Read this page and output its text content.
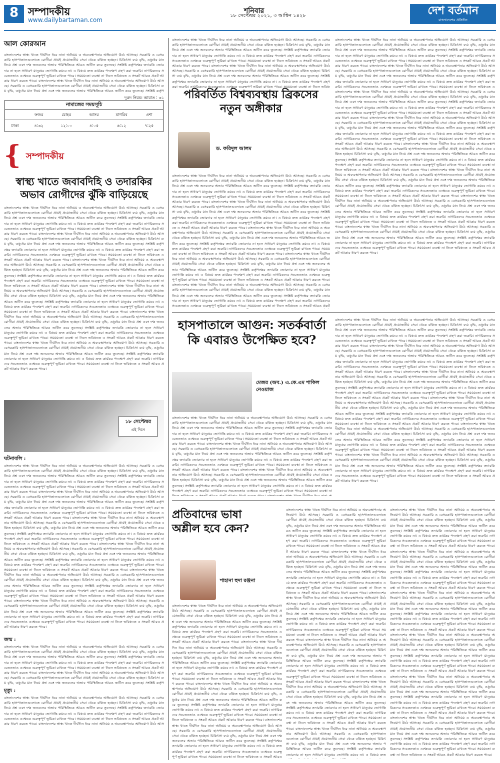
8 সম্পাদকীয়
www.dailybartaman.com
শনিবার
১৮ সেপ্টেম্বর ২০২১, ৩ আশ্বিন ১৪২৮	দেশ বর্তমান
বাংলাদেশের প্রতিদিন
আল কোরআন
বাংলাদেশের স্বাস্থ্য খাতে দীর্ঘদিন ধরে নানা অনিয়ম ও অব্যবস্থাপনার অভিযোগ উঠে আসছে। সরকারি ও বেসরকারি হাসপাতালগুলোতে রোগীরা প্রায়ই প্রয়োজনীয় সেবা থেকে বঞ্চিত হচ্ছেন। চিকিৎসা ব্যয় বৃদ্ধি, ওষুধের মান নিয়ে প্রশ্ন এবং দক্ষ জনবলের অভাব পরিস্থিতিকে আরও জটিল করে তুলেছে। সংশ্লিষ্ট কর্তৃপক্ষের তদারকি জোরদার না হলে সাধারণ মানুষের ভোগান্তি কমবে না। এ বিষয়ে দ্রুত কার্যকর পদক্ষেপ গ্রহণ করা জরুরি। নাগরিকদের সচেতনতাও এক্ষেত্রে গুরুত্বপূর্ণ ভূমিকা রাখতে পারে। সময়মতো ব্যবস্থা না নিলে ভবিষ্যতে এ সংকট আরও প্রকট আকার ধারণ করতে পারে। বাংলাদেশের স্বাস্থ্য খাতে দীর্ঘদিন ধরে নানা অনিয়ম ও অব্যবস্থাপনার অভিযোগ উঠে আসছে। সরকারি ও বেসরকারি হাসপাতালগুলোতে রোগীরা প্রায়ই প্রয়োজনীয় সেবা থেকে বঞ্চিত হচ্ছেন। চিকিৎসা ব্যয় বৃদ্ধি, ওষুধের মান নিয়ে প্রশ্ন এবং দক্ষ জনবলের অভাব পরিস্থিতিকে আরও জটিল করে তুলেছে। সংশ্লিষ্ট কর্তৃপ
দুরূদ নিয়ম। আয়াত : ৩১
নামাজের সময়সূচি
ফজর	যোহর	আসর	মাগরিব	এশা
ঢাকা	৪:৩২	১২:০০	৪:০৫	৬:১২	৭:২৫
{ সম্পাদকীয়
স্বাস্থ্য খাতে জবাবদিহি ও তদারকির অভাব রোগীদের ঝুঁকি বাড়িয়েছে
বাংলাদেশের স্বাস্থ্য খাতে দীর্ঘদিন ধরে নানা অনিয়ম ও অব্যবস্থাপনার অভিযোগ উঠে আসছে। সরকারি ও বেসরকারি হাসপাতালগুলোতে রোগীরা প্রায়ই প্রয়োজনীয় সেবা থেকে বঞ্চিত হচ্ছেন। চিকিৎসা ব্যয় বৃদ্ধি, ওষুধের মান নিয়ে প্রশ্ন এবং দক্ষ জনবলের অভাব পরিস্থিতিকে আরও জটিল করে তুলেছে। সংশ্লিষ্ট কর্তৃপক্ষের তদারকি জোরদার না হলে সাধারণ মানুষের ভোগান্তি কমবে না। এ বিষয়ে দ্রুত কার্যকর পদক্ষেপ গ্রহণ করা জরুরি। নাগরিকদের সচেতনতাও এক্ষেত্রে গুরুত্বপূর্ণ ভূমিকা রাখতে পারে। সময়মতো ব্যবস্থা না নিলে ভবিষ্যতে এ সংকট আরও প্রকট আকার ধারণ করতে পারে। বাংলাদেশের স্বাস্থ্য খাতে দীর্ঘদিন ধরে নানা অনিয়ম ও অব্যবস্থাপনার অভিযোগ উঠে আসছে। সরকারি ও বেসরকারি হাসপাতালগুলোতে রোগীরা প্রায়ই প্রয়োজনীয় সেবা থেকে বঞ্চিত হচ্ছেন। চিকিৎসা ব্যয় বৃদ্ধি, ওষুধের মান নিয়ে প্রশ্ন এবং দক্ষ জনবলের অভাব পরিস্থিতিকে আরও জটিল করে তুলেছে। সংশ্লিষ্ট কর্তৃপক্ষের তদারকি জোরদার না হলে সাধারণ মানুষের ভোগান্তি কমবে না। এ বিষয়ে দ্রুত কার্যকর পদক্ষেপ গ্রহণ করা জরুরি। নাগরিকদের সচেতনতাও এক্ষেত্রে গুরুত্বপূর্ণ ভূমিকা রাখতে পারে। সময়মতো ব্যবস্থা না নিলে ভবিষ্যতে এ সংকট আরও প্রকট আকার ধারণ করতে পারে। বাংলাদেশের স্বাস্থ্য খাতে দীর্ঘদিন ধরে নানা অনিয়ম ও অব্যবস্থাপনার অভিযোগ উঠে আসছে। সরকারি ও বেসরকারি হাসপাতালগুলোতে রোগীরা প্রায়ই প্রয়োজনীয় সেবা থেকে বঞ্চিত হচ্ছেন। চিকিৎসা ব্যয় বৃদ্ধি, ওষুধের মান নিয়ে প্রশ্ন এবং দক্ষ জনবলের অভাব পরিস্থিতিকে আরও জটিল করে তুলেছে। সংশ্লিষ্ট কর্তৃপক্ষের তদারকি জোরদার না হলে সাধারণ মানুষের ভোগান্তি কমবে না। এ বিষয়ে দ্রুত কার্যকর পদক্ষেপ গ্রহণ করা জরুরি। নাগরিকদের সচেতনতাও এক্ষেত্রে গুরুত্বপূর্ণ ভূমিকা রাখতে পারে। সময়মতো ব্যবস্থা না নিলে ভবিষ্যতে এ সংকট আরও প্রকট আকার ধারণ করতে পারে। বাংলাদেশের স্বাস্থ্য খাতে দীর্ঘদিন ধরে নানা অনিয়ম ও অব্যবস্থাপনার অভিযোগ উঠে আসছে। সরকারি ও বেসরকারি হাসপাতালগুলোতে রোগীরা প্রায়ই প্রয়োজনীয় সেবা থেকে বঞ্চিত হচ্ছেন। চিকিৎসা ব্যয় বৃদ্ধি, ওষুধের মান নিয়ে প্রশ্ন এবং দক্ষ জনবলের অভাব পরিস্থিতিকে আরও জটিল করে তুলেছে। সংশ্লিষ্ট কর্তৃপক্ষের তদারকি জোরদার না হলে সাধারণ মানুষের ভোগান্তি কমবে না। এ বিষয়ে দ্রুত কার্যকর পদক্ষেপ গ্রহণ করা জরুরি। নাগরিকদের সচেতনতাও এক্ষেত্রে গুরুত্বপূর্ণ ভূমিকা রাখতে পারে। সময়মতো ব্যবস্থা না নিলে ভবিষ্যতে এ সংকট আরও প্রকট আকার ধারণ করতে পারে। বাংলাদেশের স্বাস্থ্য খাতে দীর্ঘদিন ধরে নানা অনিয়ম ও অব্যবস্থাপনার অভিযোগ উঠে আসছে। সরকারি ও বেসরকারি হাসপাতালগুলোতে রোগীরা প্রায়ই প্রয়োজনীয় সেবা থেকে বঞ্চিত হচ্ছেন। চিকিৎসা ব্যয় বৃদ্ধি, ওষুধের মান নিয়ে প্রশ্ন এবং দক্ষ জনবলের অভাব পরিস্থিতিকে আরও জটিল করে তুলেছে। সংশ্লিষ্ট কর্তৃপক্ষের তদারকি জোরদার না হলে সাধারণ মানুষের ভোগান্তি কমবে না। এ বিষয়ে দ্রুত কার্যকর পদক্ষেপ গ্রহণ করা জরুরি। নাগরিকদের সচেতনতাও এক্ষেত্রে গুরুত্বপূর্ণ ভূমিকা রাখতে পারে। সময়মতো ব্যবস্থা না নিলে ভবিষ্যতে এ সংকট আরও প্রকট আকার ধারণ করতে পারে। বাংলাদেশের স্বাস্থ্য খাতে দীর্ঘদিন ধরে নানা অনিয়ম ও অব্যবস্থাপনার অভিযোগ উঠে আসছে। সরকারি ও বেসরকারি হাসপাতালগুলোতে রোগীরা প্রায়ই প্রয়োজনীয় সেবা থেকে বঞ্চিত হচ্ছেন। চিকিৎসা ব্যয় বৃদ্ধি, ওষুধের মান নিয়ে প্রশ্ন এবং দক্ষ জনবলের অভাব পরিস্থিতিকে আরও জটিল করে তুলেছে। সংশ্লিষ্ট কর্তৃপক্ষের তদারকি জোরদার না হলে সাধারণ মানুষের ভোগান্তি কমবে না। এ বিষয়ে দ্রুত কার্যকর পদক্ষেপ গ্রহণ করা জরুরি। নাগরিকদের সচেতনতাও এক্ষেত্রে গুরুত্বপূর্ণ ভূমিকা রাখতে পারে। সময়মতো ব্যবস্থা না নিলে ভবিষ্যতে এ সংকট আরও প্রকট আকার ধারণ করতে পারে।
১৮ সেপ্টেম্বর
এই দিনে
ঘটনাবলি :
বাংলাদেশের স্বাস্থ্য খাতে দীর্ঘদিন ধরে নানা অনিয়ম ও অব্যবস্থাপনার অভিযোগ উঠে আসছে। সরকারি ও বেসরকারি হাসপাতালগুলোতে রোগীরা প্রায়ই প্রয়োজনীয় সেবা থেকে বঞ্চিত হচ্ছেন। চিকিৎসা ব্যয় বৃদ্ধি, ওষুধের মান নিয়ে প্রশ্ন এবং দক্ষ জনবলের অভাব পরিস্থিতিকে আরও জটিল করে তুলেছে। সংশ্লিষ্ট কর্তৃপক্ষের তদারকি জোরদার না হলে সাধারণ মানুষের ভোগান্তি কমবে না। এ বিষয়ে দ্রুত কার্যকর পদক্ষেপ গ্রহণ করা জরুরি। নাগরিকদের সচেতনতাও এক্ষেত্রে গুরুত্বপূর্ণ ভূমিকা রাখতে পারে। সময়মতো ব্যবস্থা না নিলে ভবিষ্যতে এ সংকট আরও প্রকট আকার ধারণ করতে পারে। বাংলাদেশের স্বাস্থ্য খাতে দীর্ঘদিন ধরে নানা অনিয়ম ও অব্যবস্থাপনার অভিযোগ উঠে আসছে। সরকারি ও বেসরকারি হাসপাতালগুলোতে রোগীরা প্রায়ই প্রয়োজনীয় সেবা থেকে বঞ্চিত হচ্ছেন। চিকিৎসা ব্যয় বৃদ্ধি, ওষুধের মান নিয়ে প্রশ্ন এবং দক্ষ জনবলের অভাব পরিস্থিতিকে আরও জটিল করে তুলেছে। সংশ্লিষ্ট কর্তৃপক্ষের তদারকি জোরদার না হলে সাধারণ মানুষের ভোগান্তি কমবে না। এ বিষয়ে দ্রুত কার্যকর পদক্ষেপ গ্রহণ করা জরুরি। নাগরিকদের সচেতনতাও এক্ষেত্রে গুরুত্বপূর্ণ ভূমিকা রাখতে পারে। সময়মতো ব্যবস্থা না নিলে ভবিষ্যতে এ সংকট আরও প্রকট আকার ধারণ করতে পারে। বাংলাদেশের স্বাস্থ্য খাতে দীর্ঘদিন ধরে নানা অনিয়ম ও অব্যবস্থাপনার অভিযোগ উঠে আসছে। সরকারি ও বেসরকারি হাসপাতালগুলোতে রোগীরা প্রায়ই প্রয়োজনীয় সেবা থেকে বঞ্চিত হচ্ছেন। চিকিৎসা ব্যয় বৃদ্ধি, ওষুধের মান নিয়ে প্রশ্ন এবং দক্ষ জনবলের অভাব পরিস্থিতিকে আরও জটিল করে তুলেছে। সংশ্লিষ্ট কর্তৃপক্ষের তদারকি জোরদার না হলে সাধারণ মানুষের ভোগান্তি কমবে না। এ বিষয়ে দ্রুত কার্যকর পদক্ষেপ গ্রহণ করা জরুরি। নাগরিকদের সচেতনতাও এক্ষেত্রে গুরুত্বপূর্ণ ভূমিকা রাখতে পারে। সময়মতো ব্যবস্থা না নিলে ভবিষ্যতে এ সংকট আরও প্রকট আকার ধারণ করতে পারে। বাংলাদেশের স্বাস্থ্য খাতে দীর্ঘদিন ধরে নানা অনিয়ম ও অব্যবস্থাপনার অভিযোগ উঠে আসছে। সরকারি ও বেসরকারি হাসপাতালগুলোতে রোগীরা প্রায়ই প্রয়োজনীয় সেবা থেকে বঞ্চিত হচ্ছেন। চিকিৎসা ব্যয় বৃদ্ধি, ওষুধের মান নিয়ে প্রশ্ন এবং দক্ষ জনবলের অভাব পরিস্থিতিকে আরও জটিল করে তুলেছে। সংশ্লিষ্ট কর্তৃপক্ষের তদারকি জোরদার না হলে সাধারণ মানুষের ভোগান্তি কমবে না। এ বিষয়ে দ্রুত কার্যকর পদক্ষেপ গ্রহণ করা জরুরি। নাগরিকদের সচেতনতাও এক্ষেত্রে গুরুত্বপূর্ণ ভূমিকা রাখতে পারে। সময়মতো ব্যবস্থা না নিলে ভবিষ্যতে এ সংকট আরও প্রকট আকার ধারণ করতে পারে। বাংলাদেশের স্বাস্থ্য খাতে দীর্ঘদিন ধরে নানা অনিয়ম ও অব্যবস্থাপনার অভিযোগ উঠে আসছে। সরকারি ও বেসরকারি হাসপাতালগুলোতে রোগীরা প্রায়ই প্রয়োজনীয় সেবা থেকে বঞ্চিত হচ্ছেন। চিকিৎসা ব্যয় বৃদ্ধি, ওষুধের মান নিয়ে প্রশ্ন এবং দক্ষ জনবলের অভাব পরিস্থিতিকে আরও জটিল করে তুলেছে। সংশ্লিষ্ট কর্তৃপক্ষের তদারকি জোরদার না হলে সাধারণ মানুষের ভোগান্তি কমবে না। এ বিষয়ে দ্রুত কার্যকর পদক্ষেপ গ্রহণ করা জরুরি। নাগরিকদের সচেতনতাও এক্ষেত্রে গুরুত্বপূর্ণ ভূমিকা রাখতে পারে। সময়মতো ব্যবস্থা না নিলে ভবিষ্যতে এ সংকট আরও প্রকট আকার ধারণ করতে পারে। বাংলাদেশের স্বাস্থ্য খাতে দীর্ঘদিন ধরে নানা অনিয়ম ও অব্যবস্থাপনার অভিযোগ উঠে আসছে। সরকারি ও বেসরকারি হাসপাতালগুলোতে রোগীরা প্রায়ই প্রয়োজনীয় সেবা থেকে বঞ্চিত হচ্ছেন। চিকিৎসা ব্যয় বৃদ্ধি, ওষুধের মান নিয়ে প্রশ্ন এবং দক্ষ জনবলের অভাব পরিস্থিতিকে আরও জটিল করে তুলেছে। সংশ্লিষ্ট কর্তৃপক্ষের তদারকি জোরদার না হলে সাধারণ মানুষের ভোগান্তি কমবে না। এ বিষয়ে দ্রুত কার্যকর পদক্ষেপ গ্রহণ করা জরুরি। নাগরিকদের সচেতনতাও এক্ষেত্রে গুরুত্বপূর্ণ ভূমিকা রাখতে পারে। সময়মতো ব্যবস্থা না নিলে ভবিষ্যতে এ সংকট আরও প্রকট আকার ধারণ করতে পারে।
জন্ম :
বাংলাদেশের স্বাস্থ্য খাতে দীর্ঘদিন ধরে নানা অনিয়ম ও অব্যবস্থাপনার অভিযোগ উঠে আসছে। সরকারি ও বেসরকারি হাসপাতালগুলোতে রোগীরা প্রায়ই প্রয়োজনীয় সেবা থেকে বঞ্চিত হচ্ছেন। চিকিৎসা ব্যয় বৃদ্ধি, ওষুধের মান নিয়ে প্রশ্ন এবং দক্ষ জনবলের অভাব পরিস্থিতিকে আরও জটিল করে তুলেছে। সংশ্লিষ্ট কর্তৃপক্ষের তদারকি জোরদার না হলে সাধারণ মানুষের ভোগান্তি কমবে না। এ বিষয়ে দ্রুত কার্যকর পদক্ষেপ গ্রহণ করা জরুরি। নাগরিকদের সচেতনতাও এক্ষেত্রে গুরুত্বপূর্ণ ভূমিকা রাখতে পারে। সময়মতো ব্যবস্থা না নিলে ভবিষ্যতে এ সংকট আরও প্রকট আকার ধারণ করতে পারে। বাংলাদেশের স্বাস্থ্য খাতে দীর্ঘদিন ধরে নানা অনিয়ম ও অব্যবস্থাপনার অভিযোগ উঠে আসছে। সরকারি ও বেসরকারি হাসপাতালগুলোতে রোগীরা প্রায়ই প্রয়োজনীয় সেবা থেকে বঞ্চিত হচ্ছেন। চিকিৎসা ব্যয় বৃদ্ধি, ওষুধের মান নিয়ে প্রশ্ন এবং দক্ষ জনবলের অভাব পরিস্থিতিকে আরও জটিল করে তুলেছে। সংশ্লিষ্ট কর্তৃপ
মৃত্যু :
বাংলাদেশের স্বাস্থ্য খাতে দীর্ঘদিন ধরে নানা অনিয়ম ও অব্যবস্থাপনার অভিযোগ উঠে আসছে। সরকারি ও বেসরকারি হাসপাতালগুলোতে রোগীরা প্রায়ই প্রয়োজনীয় সেবা থেকে বঞ্চিত হচ্ছেন। চিকিৎসা ব্যয় বৃদ্ধি, ওষুধের মান নিয়ে প্রশ্ন এবং দক্ষ জনবলের অভাব পরিস্থিতিকে আরও জটিল করে তুলেছে। সংশ্লিষ্ট কর্তৃপক্ষের তদারকি জোরদার না হলে সাধারণ মানুষের ভোগান্তি কমবে না। এ বিষয়ে দ্রুত কার্যকর পদক্ষেপ গ্রহণ করা জরুরি। নাগরিকদের সচেতনতাও এক্ষেত্রে গুরুত্বপূর্ণ ভূমিকা রাখতে পারে। সময়মতো ব্যবস্থা না নিলে ভবিষ্যতে এ সংকট আরও প্রকট আকার ধারণ করতে পারে। বাংলাদেশের স্বাস্থ্য খাতে দীর্ঘদিন ধরে নানা অনিয়ম ও অব্যবস্থাপনার অভিযোগ উঠে আস
বাংলাদেশের স্বাস্থ্য খাতে দীর্ঘদিন ধরে নানা অনিয়ম ও অব্যবস্থাপনার অভিযোগ উঠে আসছে। সরকারি ও বেসরকারি হাসপাতালগুলোতে রোগীরা প্রায়ই প্রয়োজনীয় সেবা থেকে বঞ্চিত হচ্ছেন। চিকিৎসা ব্যয় বৃদ্ধি, ওষুধের মান নিয়ে প্রশ্ন এবং দক্ষ জনবলের অভাব পরিস্থিতিকে আরও জটিল করে তুলেছে। সংশ্লিষ্ট কর্তৃপক্ষের তদারকি জোরদার না হলে সাধারণ মানুষের ভোগান্তি কমবে না। এ বিষয়ে দ্রুত কার্যকর পদক্ষেপ গ্রহণ করা জরুরি। নাগরিকদের সচেতনতাও এক্ষেত্রে গুরুত্বপূর্ণ ভূমিকা রাখতে পারে। সময়মতো ব্যবস্থা না নিলে ভবিষ্যতে এ সংকট আরও প্রকট আকার ধারণ করতে পারে। বাংলাদেশের স্বাস্থ্য খাতে দীর্ঘদিন ধরে নানা অনিয়ম ও অব্যবস্থাপনার অভিযোগ উঠে আসছে। সরকারি ও বেসরকারি হাসপাতালগুলোতে রোগীরা প্রায়ই প্রয়োজনীয় সেবা থেকে বঞ্চিত হচ্ছেন। চিকিৎসা ব্যয় বৃদ্ধি, ওষুধের মান নিয়ে প্রশ্ন এবং দক্ষ জনবলের অভাব পরিস্থিতিকে আরও জটিল করে তুলেছে। সংশ্লিষ্ট কর্তৃপক্ষের তদারকি জোরদার না হলে সাধারণ মানুষের ভোগান্তি কমবে না। এ বিষয়ে দ্রুত কার্যকর পদক্ষেপ গ্রহণ করা জরুরি। নাগরিকদের সচেতনতাও এক্ষেত্রে গুরুত্বপূর্ণ ভূমিকা রাখতে পারে। সময়মতো ব্যবস্থা না নিলে ভবিষ্য
বাংলাদেশের স্বাস্থ্য খাতে দীর্ঘদিন ধরে নানা অনিয়ম ও অব্যবস্থাপনার অভিযোগ উঠে আসছে। সরকারি ও বেসরকারি হাসপাতালগুলোতে রোগীরা প্রায়ই প্রয়োজনীয় সেবা থেকে বঞ্চিত হচ্ছেন। চিকিৎসা ব্যয় বৃদ্ধি, ওষুধের মান নিয়ে প্রশ্ন এবং দক্ষ জনবলের অভাব পরিস্থিতিকে আরও জটিল করে তুলেছে। সংশ্লিষ্ট কর্তৃপক্ষের তদারকি জোরদার না হলে সাধারণ মানুষের ভোগান্তি কমবে না। এ বিষয়ে দ্রুত কার্যকর পদক্ষেপ গ্রহণ করা জরুরি। নাগরিকদের সচেতনতাও এক্ষেত্রে গুরুত্বপূর্ণ ভূমিকা রাখতে পারে। সময়মতো ব্যবস্থা না নিলে ভবিষ্যতে এ সংকট আরও প্রকট আকার ধারণ করতে পারে। বাংলাদেশের স্বাস্থ্য খাতে দীর্ঘদিন ধরে নানা অনিয়ম ও অব্যবস্থাপনার অভিযোগ উঠে আসছে। সরকারি ও বেসরকারি হাসপাতালগুলোতে রোগীরা প্রায়ই প্রয়োজনীয় সেবা থেকে বঞ্চিত হচ্ছেন। চিকিৎসা ব্যয় বৃদ্ধি, ওষুধের মান নিয়ে প্রশ্ন এবং দক্ষ জনবলের অভাব পরিস্থিতিকে আরও জটিল করে তুলেছে। সংশ্লিষ্ট কর্তৃপক্ষের তদারকি জোরদার না হলে সাধারণ মানুষের ভোগান্তি কমবে না। এ বিষয়ে দ্রুত কার্যকর পদক্ষেপ গ্রহণ করা জরুরি। নাগরিকদের সচেতনতাও এক্ষেত্রে গুরুত্বপূর্ণ ভূমিকা রাখতে পারে। সময়মতো ব্যবস্থা না নিলে ভবিষ্যতে এ
পরিবর্তিত বিশ্বব্যবস্থায় ব্রিকসের নতুন অঙ্গীকার
ড. ফরিদুল আলম
বাংলাদেশের স্বাস্থ্য খাতে দীর্ঘদিন ধরে নানা অনিয়ম ও অব্যবস্থাপনার অভিযোগ উঠে আসছে। সরকারি ও বেসরকারি হাসপাতালগুলোতে রোগীরা প্রায়ই প্রয়োজনীয় সেবা থেকে বঞ্চিত হচ্ছেন। চিকিৎসা ব্যয় বৃদ্ধি, ওষুধের মান নিয়ে প্রশ্ন এবং দক্ষ জনবলের অভাব পরিস্থিতিকে আরও জটিল করে তুলেছে। সংশ্লিষ্ট কর্তৃপক্ষের তদারকি জোরদার না হলে সাধারণ মানুষের ভোগান্তি কমবে না। এ বিষয়ে দ্রুত কার্যকর পদক্ষেপ গ্রহণ করা জরুরি। নাগরিকদের সচেতনতাও এক্ষেত্রে গুরুত্বপূর্ণ ভূমিকা রাখতে পারে। সময়মতো ব্যবস্থা না নিলে ভবিষ্যতে এ সংকট আরও প্রকট আকার ধারণ করতে পারে। বাংলাদেশের স্বাস্থ্য খাতে দীর্ঘদিন ধরে নানা অনিয়ম ও অব্যবস্থাপনার অভিযোগ উঠে আসছে। সরকারি ও বেসরকারি হাসপাতালগুলোতে রোগীরা প্রায়ই প্রয়োজনীয় সেবা থেকে বঞ্চিত হচ্ছেন। চিকিৎসা ব্যয় বৃদ্ধি, ওষুধের মান নিয়ে প্রশ্ন এবং দক্ষ জনবলের অভাব পরিস্থিতিকে আরও জটিল করে তুলেছে। সংশ্লিষ্ট কর্তৃপক্ষের তদারকি জোরদার না হলে সাধারণ মানুষের ভোগান্তি কমবে না। এ বিষয়ে দ্রুত কার্যকর পদক্ষেপ গ্রহণ করা জরুরি। নাগরিকদের সচেতনতাও এক্ষেত্রে গুরুত্বপূর্ণ ভূমিকা রাখতে পারে। সময়মতো ব্যবস্থা না নিলে ভবিষ্যতে এ সংকট আরও প্রকট আকার ধারণ করতে পারে। বাংলাদেশের স্বাস্থ্য খাতে দীর্ঘদিন ধরে নানা অনিয়ম ও অব্যবস্থাপনার অভিযোগ উঠে আসছে। সরকারি ও বেসরকারি হাসপাতালগুলোতে রোগীরা প্রায়ই প্রয়োজনীয় সেবা থেকে বঞ্চিত হচ্ছেন। চিকিৎসা ব্যয় বৃদ্ধি, ওষুধের মান নিয়ে প্রশ্ন এবং দক্ষ জনবলের অভাব পরিস্থিতিকে আরও জটিল করে তুলেছে। সংশ্লিষ্ট কর্তৃপক্ষের তদারকি জোরদার না হলে সাধারণ মানুষের ভোগান্তি কমবে না। এ বিষয়ে দ্রুত কার্যকর পদক্ষেপ গ্রহণ করা জরুরি। নাগরিকদের সচেতনতাও এক্ষেত্রে গুরুত্বপূর্ণ ভূমিকা রাখতে পারে। সময়মতো ব্যবস্থা না নিলে ভবিষ্যতে এ সংকট আরও প্রকট আকার ধারণ করতে পারে। বাংলাদেশের স্বাস্থ্য খাতে দীর্ঘদিন ধরে নানা অনিয়ম ও অব্যবস্থাপনার অভিযোগ উঠে আসছে। সরকারি ও বেসরকারি হাসপাতালগুলোতে রোগীরা প্রায়ই প্রয়োজনীয় সেবা থেকে বঞ্চিত হচ্ছেন। চিকিৎসা ব্যয় বৃদ্ধি, ওষুধের মান নিয়ে প্রশ্ন এবং দক্ষ জনবলের অভাব পরিস্থিতিকে আরও জটিল করে তুলেছে। সংশ্লিষ্ট কর্তৃপক্ষের তদারকি জোরদার না হলে সাধারণ মানুষের ভোগান্তি কমবে না। এ বিষয়ে দ্রুত কার্যকর পদক্ষেপ গ্রহণ করা জরুরি। নাগরিকদের সচেতনতাও এক্ষেত্রে গুরুত্বপূর্ণ ভূমিকা রাখতে পারে। সময়মতো ব্যবস্থা না নিলে ভবিষ্যতে এ সংকট আরও প্রকট আকার ধারণ করতে পারে। বাংলাদেশের স্বাস্থ্য খাতে দীর্ঘদিন ধরে নানা অনিয়ম ও অব্যবস্থাপনার অভিযোগ উঠে আসছে। সরকারি ও বেসরকারি হাসপাতালগুলোতে রোগীরা প্রায়ই প্রয়োজনীয় সেবা থেকে বঞ্চিত হচ্ছেন। চিকিৎসা ব্যয় বৃদ্ধি, ওষুধের মান নিয়ে প্রশ্ন এবং দক্ষ জনবলের অভাব পরিস্থিতিকে আরও জটিল করে তুলেছে। সংশ্লিষ্ট কর্তৃপক্ষের তদারকি জোরদার না হলে সাধারণ মানুষের ভোগান্তি কমবে না। এ বিষয়ে দ্রুত কার্যকর পদক্ষেপ গ্রহণ করা জরুরি। নাগরিকদের সচেতনতাও এক্ষেত্রে গুরুত্বপূর্ণ ভূমিকা রাখতে পারে। সময়মতো ব্যবস্থা না নিলে ভবিষ্যতে এ সংকট আরও প্রকট
বাংলাদেশের স্বাস্থ্য খাতে দীর্ঘদিন ধরে নানা অনিয়ম ও অব্যবস্থাপনার অভিযোগ উঠে আসছে। সরকারি ও বেসরকারি হাসপাতালগুলোতে রোগীরা প্রায়ই প্রয়োজনীয় সেবা থেকে বঞ্চিত হচ্ছেন। চিকিৎসা ব্যয় বৃদ্ধি, ওষুধের মান নিয়ে প্রশ্ন এবং দক্ষ জনবলের অভাব পরিস্থিতিকে আরও জটিল করে তুলেছে। সংশ্লিষ্ট কর্তৃপক্ষের তদারকি জোরদার না হলে সাধারণ মানুষের ভোগান্তি কমবে না। এ বিষয়ে দ্রুত কার্যকর পদক্ষেপ গ্রহণ করা জরুরি। নাগরিকদের সচেতনতাও এক্ষেত্রে গুরুত্বপূর্ণ ভূমিকা রাখতে পারে। সময়মতো ব্যবস্থা না নিলে ভবিষ্যতে এ সংকট আরও প্রকট আকার ধারণ করতে পারে। বাংলাদেশের স্বাস্থ্য খাতে দীর্ঘদিন ধরে নানা অনিয়ম ও অব্যবস্থাপনার অভিযোগ উঠে আসছে। সরকারি ও বেসরকারি হাসপাতালগুলোতে রোগীরা প্রায়ই প্রয়োজনীয় সেবা থেকে বঞ্চিত হচ্ছেন। চিকিৎসা ব্যয় বৃদ্ধি, ওষুধের মান নিয়ে প্রশ্ন এবং দক্ষ জনবলের অভাব পরিস্থিতিকে আরও জটিল করে তুলেছে। সংশ্লিষ্ট কর্তৃপক্ষের তদারকি জোরদার না হলে সাধারণ মানুষের ভোগান্তি কমবে না। এ বিষয়ে দ্রুত কার্যকর পদক্ষেপ গ্রহণ করা জরুরি। নাগরিকদের সচেতনতাও এক্ষেত্রে গুরুত্বপূর্ণ ভূমিকা রাখতে পারে। সময়মতো ব্যবস্থা না নিলে ভবিষ্যতে এ সংকট আরও প্রকট আকার ধারণ করতে পারে। বাংলাদেশের স্বাস্থ্য খাতে দীর্ঘদিন ধরে নানা অনিয়ম ও অব্যবস্থাপনার অভিযোগ উঠে আসছে। সরকারি ও বেসরকারি হাসপাতালগুলোতে রোগীরা প্রায়ই প্রয়োজনীয় সেবা থেকে বঞ্চিত হচ্ছেন। চিকিৎসা ব্যয় বৃদ্ধি, ওষুধের মান নিয়ে প্রশ্ন এবং দক্ষ জনবলের অভাব পরিস্থিতিকে আরও জটিল করে তুলেছে। সংশ্লিষ্ট কর্তৃপক্ষের তদারকি জোরদার না হলে সাধারণ মানুষের ভোগান্তি কমবে না। এ বিষয়ে দ্রুত কার্যকর পদক্ষেপ গ্রহণ করা জরুরি। নাগরিকদের সচেতনতাও এক্ষেত্রে গুরুত্বপূর্ণ ভূমিকা রাখতে পারে। সময়মতো ব্যবস্থা না নিলে ভবিষ্যতে এ সংকট আরও প্রকট আকার ধারণ করতে পারে। বাংলাদেশের স্বাস্থ্য খাতে দীর্ঘদিন ধরে নানা অনিয়ম ও অব্যবস্থাপনার অভিযোগ উঠে আসছে। সরকারি ও বেসরকারি হাসপাতালগুলোতে রোগীরা প্রায়ই প্রয়োজনীয় সেবা থেকে বঞ্চিত হচ্ছেন। চিকিৎসা ব্যয় বৃদ্ধি, ওষুধের মান নিয়ে প্রশ্ন এবং দক্ষ জনবলের অভাব পরিস্থিতিকে আরও জটিল করে তুলেছে। সংশ্লিষ্ট কর্তৃপক্ষের তদারকি জোরদার না হলে সাধারণ মানুষের ভোগান্তি কমবে না। এ বিষয়ে দ্রুত কার্যকর পদক্ষেপ গ্রহণ করা জরুরি। নাগরিকদের সচেতনতাও এক্ষেত্রে গুরুত্বপূর্ণ ভূমিকা রাখতে পারে। সময়মতো ব্যবস্থা না নিলে ভবিষ্যতে এ সংকট আরও প্রকট আকার ধারণ করতে পারে। বাংলাদেশের স্বাস্থ্য খাতে দীর্ঘদিন ধরে নানা অনিয়ম ও অব্যবস্থাপনার অভিযোগ উঠে আসছে। সরকারি ও বেসরকারি হাসপাতালগুলোতে রোগীরা প্রায়ই প্রয়োজনীয় সেবা থেকে বঞ্চিত হচ্ছেন। চিকিৎসা ব্যয় বৃদ্ধি, ওষুধের মান নিয়ে প্রশ্ন এবং দক্ষ জনবলের অভাব পরিস্থিতিকে আরও জটিল করে তুলেছে। সংশ্লিষ্ট কর্তৃপক্ষের তদারকি জোরদার না হলে সাধারণ মানুষের ভোগান্তি কমবে না। এ বিষয়ে দ্রুত কার্যকর পদক্ষেপ গ্রহণ করা জরুরি। নাগরিকদের সচেতনতাও এক্ষেত্রে গুরুত্বপূর্ণ ভূমিকা রাখতে পারে। সময়মতো ব্যবস্থা না নিলে ভবিষ্যতে এ সংকট আরও প্রকট আকার ধারণ করতে পারে। বাংলাদেশের স্বাস্থ্য খাতে দীর্ঘদিন ধরে নানা অনিয়ম ও অব্যবস্থাপনার অভিযোগ উঠে আসছে। সরকারি ও বেসরকারি হাসপাতালগুলোতে রোগীরা প্রায়ই প্রয়োজনীয় সেবা থেকে বঞ্চিত হচ্ছেন। চিকিৎসা ব্যয় বৃদ্ধি, ওষুধের মান নিয়ে প্রশ্ন এবং দক্ষ জনবলের অভাব পরিস্থিতিকে আরও জটিল করে তুলেছে। সংশ্লিষ্ট কর্তৃপক্ষের তদারকি জোরদার না হলে সাধারণ মানুষের ভোগান্তি কমবে না। এ বিষয়ে দ্রুত কার্যকর পদক্ষেপ গ্রহণ করা জরুরি। নাগরিকদের সচেতনতাও এক্ষেত্রে গুরুত্বপূর্ণ ভূমিকা রাখতে পারে। সময়মতো ব্যবস্থা না নিলে ভবিষ্যতে এ সংকট আরও প্রকট আকার ধারণ করতে পারে।
হাসপাতালে আগুন: সতর্কবার্তা কি এবারও উপেক্ষিত হবে?
মেজর (অব.) এ.কে.এম শাকিল নেওয়াজ
বাংলাদেশের স্বাস্থ্য খাতে দীর্ঘদিন ধরে নানা অনিয়ম ও অব্যবস্থাপনার অভিযোগ উঠে আসছে। সরকারি ও বেসরকারি হাসপাতালগুলোতে রোগীরা প্রায়ই প্রয়োজনীয় সেবা থেকে বঞ্চিত হচ্ছেন। চিকিৎসা ব্যয় বৃদ্ধি, ওষুধের মান নিয়ে প্রশ্ন এবং দক্ষ জনবলের অভাব পরিস্থিতিকে আরও জটিল করে তুলেছে। সংশ্লিষ্ট কর্তৃপক্ষের তদারকি জোরদার না হলে সাধারণ মানুষের ভোগান্তি কমবে না। এ বিষয়ে দ্রুত কার্যকর পদক্ষেপ গ্রহণ করা জরুরি। নাগরিকদের সচেতনতাও এক্ষেত্রে গুরুত্বপূর্ণ ভূমিকা রাখতে পারে। সময়মতো ব্যবস্থা না নিলে ভবিষ্যতে এ সংকট আরও প্রকট আকার ধারণ করতে পারে। বাংলাদেশের স্বাস্থ্য খাতে দীর্ঘদিন ধরে নানা অনিয়ম ও অব্যবস্থাপনার অভিযোগ উঠে আসছে। সরকারি ও বেসরকারি হাসপাতালগুলোতে রোগীরা প্রায়ই প্রয়োজনীয় সেবা থেকে বঞ্চিত হচ্ছেন। চিকিৎসা ব্যয় বৃদ্ধি, ওষুধের মান নিয়ে প্রশ্ন এবং দক্ষ জনবলের অভাব পরিস্থিতিকে আরও জটিল করে তুলেছে। সংশ্লিষ্ট কর্তৃপক্ষের তদারকি জোরদার না হলে সাধারণ মানুষের ভোগান্তি কমবে না। এ বিষয়ে দ্রুত কার্যকর পদক্ষেপ গ্রহণ করা জরুরি। নাগরিকদের সচেতনতাও এক্ষেত্রে গুরুত্বপূর্ণ ভূমিকা রাখতে পারে। সময়মতো ব্যবস্থা না নিলে ভবিষ্যতে এ সংকট আরও প্রকট আকার ধারণ করতে পারে। বাংলাদেশের স্বাস্থ্য খাতে দীর্ঘদিন ধরে নানা অনিয়ম ও অব্যবস্থাপনার অভিযোগ উঠে আসছে। সরকারি ও বেসরকারি হাসপাতালগুলোতে রোগীরা প্রায়ই প্রয়োজনীয় সেবা থেকে বঞ্চিত হচ্ছেন। চিকিৎসা ব্যয় বৃদ্ধি, ওষুধের মান নিয়ে প্রশ্ন এবং দক্ষ জনবলের অভাব পরিস্থিতিকে আরও জটিল করে তুলেছে। সংশ্লিষ্ট কর্তৃপক্ষের তদারকি জোরদার না হলে সাধারণ মানুষের ভোগান্তি কমবে না। এ বিষয়ে দ্রুত কার্যকর পদক্ষেপ গ্রহণ করা জরুরি। নাগরিকদের সচেতনতাও এক্ষেত্রে গুরুত্বপূর্ণ ভূমিকা রাখতে পারে। সময়মতো ব্যবস্থা না
বাংলাদেশের স্বাস্থ্য খাতে দীর্ঘদিন ধরে নানা অনিয়ম ও অব্যবস্থাপনার অভিযোগ উঠে আসছে। সরকারি ও বেসরকারি হাসপাতালগুলোতে রোগীরা প্রায়ই প্রয়োজনীয় সেবা থেকে বঞ্চিত হচ্ছেন। চিকিৎসা ব্যয় বৃদ্ধি, ওষুধের মান নিয়ে প্রশ্ন এবং দক্ষ জনবলের অভাব পরিস্থিতিকে আরও জটিল করে তুলেছে। সংশ্লিষ্ট কর্তৃপক্ষের তদারকি জোরদার না হলে সাধারণ মানুষের ভোগান্তি কমবে না। এ বিষয়ে দ্রুত কার্যকর পদক্ষেপ গ্রহণ করা জরুরি। নাগরিকদের সচেতনতাও এক্ষেত্রে গুরুত্বপূর্ণ ভূমিকা রাখতে পারে। সময়মতো ব্যবস্থা না নিলে ভবিষ্যতে এ সংকট আরও প্রকট আকার ধারণ করতে পারে। বাংলাদেশের স্বাস্থ্য খাতে দীর্ঘদিন ধরে নানা অনিয়ম ও অব্যবস্থাপনার অভিযোগ উঠে আসছে। সরকারি ও বেসরকারি হাসপাতালগুলোতে রোগীরা প্রায়ই প্রয়োজনীয় সেবা থেকে বঞ্চিত হচ্ছেন। চিকিৎসা ব্যয় বৃদ্ধি, ওষুধের মান নিয়ে প্রশ্ন এবং দক্ষ জনবলের অভাব পরিস্থিতিকে আরও জটিল করে তুলেছে। সংশ্লিষ্ট কর্তৃপক্ষের তদারকি জোরদার না হলে সাধারণ মানুষের ভোগান্তি কমবে না। এ বিষয়ে দ্রুত কার্যকর পদক্ষেপ গ্রহণ করা জরুরি। নাগরিকদের সচেতনতাও এক্ষেত্রে গুরুত্বপূর্ণ ভূমিকা রাখতে পারে। সময়মতো ব্যবস্থা না নিলে ভবিষ্যতে এ সংকট আরও প্রকট আকার ধারণ করতে পারে। বাংলাদেশের স্বাস্থ্য খাতে দীর্ঘদিন ধরে নানা অনিয়ম ও অব্যবস্থাপনার অভিযোগ উঠে আসছে। সরকারি ও বেসরকারি হাসপাতালগুলোতে রোগীরা প্রায়ই প্রয়োজনীয় সেবা থেকে বঞ্চিত হচ্ছেন। চিকিৎসা ব্যয় বৃদ্ধি, ওষুধের মান নিয়ে প্রশ্ন এবং দক্ষ জনবলের অভাব পরিস্থিতিকে আরও জটিল করে তুলেছে। সংশ্লিষ্ট কর্তৃপক্ষের তদারকি জোরদার না হলে সাধারণ মানুষের ভোগান্তি কমবে না। এ বিষয়ে দ্রুত কার্যকর পদক্ষেপ গ্রহণ করা জরুরি। নাগরিকদের সচেতনতাও এক্ষেত্রে গুরুত্বপূর্ণ ভূমিকা রাখতে পারে। সময়মতো ব্যবস্থা না নিলে ভবিষ্যতে এ সংকট আরও প্রকট আকার ধারণ করতে পারে। বাংলাদেশের স্বাস্থ্য খাতে দীর্ঘদিন ধরে নানা অনিয়ম ও অব্যবস্থাপনার অভিযোগ উঠে আসছে। সরকারি ও বেসরকারি হাসপাতালগুলোতে রোগীরা প্রায়ই প্রয়োজনীয় সেবা থেকে বঞ্চিত হচ্ছেন। চিকিৎসা ব্যয় বৃদ্ধি, ওষুধের মান নিয়ে প্রশ্ন এবং দক্ষ জনবলের অভাব পরিস্থিতিকে আরও জটিল করে তুলেছে। সংশ্লিষ্ট কর্তৃপক্ষের তদারকি জোরদার না হলে সাধারণ মানুষের ভোগান্তি কমবে না। এ বিষয়ে দ্রুত কার্যকর পদক্ষেপ গ্রহণ করা জরুরি। নাগরিকদের সচেতনতাও এক্ষেত্রে গুরুত্বপূর্ণ ভূমিকা রাখতে পারে। সময়মতো ব্যবস্থা না নিলে ভবিষ্যতে এ সংকট আরও প্রকট আকার ধারণ করতে পারে। বাংলাদেশের স্বাস্থ্য খাতে দীর্ঘদিন ধরে নানা অনিয়ম ও অব্যবস্থাপনার অভিযোগ উঠে আসছে। সরকারি ও বেসরকারি হাসপাতালগুলোতে রোগীরা প্রায়ই প্রয়োজনীয় সেবা থেকে বঞ্চিত হচ্ছেন। চিকিৎসা ব্যয় বৃদ্ধি, ওষুধের মান নিয়ে প্রশ্ন এবং দক্ষ জনবলের অভাব পরিস্থিতিকে আরও জটিল করে তুলেছে। সংশ্লিষ্ট কর্তৃপক্ষের তদারকি জোরদার না হলে সাধারণ মানুষের ভোগান্তি কমবে না। এ বিষয়ে দ্রুত কার্যকর পদক্ষেপ গ্রহণ করা জরুরি। নাগরিকদের সচেতনতাও এক্ষেত্রে গুরুত্বপূর্ণ ভূমিকা রাখতে পারে। সময়মতো ব্যবস্থা না নিলে ভবিষ্যতে এ সংকট আরও প্রকট আকার ধারণ করতে পারে। বাংলাদেশের স্বাস্থ্য খাতে দীর্ঘদিন ধরে নানা অনিয়ম ও অব্যবস্থাপনার অভিযোগ উঠে আসছে। সরকারি ও বেসরকারি হাসপাতালগুলোতে রোগীরা প্রায়ই প্রয়োজনীয় সেবা থেকে বঞ্চিত হচ্ছেন। চিকিৎসা ব্যয় বৃদ্ধি, ওষুধের মান নিয়ে প্রশ্ন এবং দক্ষ জনবলের অভাব পরিস্থিতিকে আরও জটিল করে তুলেছে। সংশ্লিষ্ট কর্তৃপক্ষের তদারকি জোরদার না হলে সাধারণ মানুষের ভোগান্তি কমবে না। এ বিষয়ে দ্রুত কার্যকর পদক্ষেপ গ্রহণ করা জরুরি। নাগরিকদের সচেতনতাও এক্ষেত্রে গুরুত্বপূর্ণ ভূমিকা রাখতে পারে। সময়মতো ব্যবস্থা না নিলে ভবিষ্যতে এ সংকট আরও প্রকট আকার ধারণ করতে পারে।
প্রতিবাদের ভাষা অশ্লীল হবে কেন?
শাহানা হুদা রঞ্জনা
বাংলাদেশের স্বাস্থ্য খাতে দীর্ঘদিন ধরে নানা অনিয়ম ও অব্যবস্থাপনার অভিযোগ উঠে আসছে। সরকারি ও বেসরকারি হাসপাতালগুলোতে রোগীরা প্রায়ই প্রয়োজনীয় সেবা থেকে বঞ্চিত হচ্ছেন। চিকিৎসা ব্যয় বৃদ্ধি, ওষুধের মান নিয়ে প্রশ্ন এবং দক্ষ জনবলের অভাব পরিস্থিতিকে আরও জটিল করে তুলেছে। সংশ্লিষ্ট কর্তৃপক্ষের তদারকি জোরদার না হলে সাধারণ মানুষের ভোগান্তি কমবে না। এ বিষয়ে দ্রুত কার্যকর পদক্ষেপ গ্রহণ করা জরুরি। নাগরিকদের সচেতনতাও এক্ষেত্রে গুরুত্বপূর্ণ ভূমিকা রাখতে পারে। সময়মতো ব্যবস্থা না নিলে ভবিষ্যতে এ সংকট আরও প্রকট আকার ধারণ করতে পারে। বাংলাদেশের স্বাস্থ্য খাতে দীর্ঘদিন ধরে নানা অনিয়ম ও অব্যবস্থাপনার অভিযোগ উঠে আসছে। সরকারি ও বেসরকারি হাসপাতালগুলোতে রোগীরা প্রায়ই প্রয়োজনীয় সেবা থেকে বঞ্চিত হচ্ছেন। চিকিৎসা ব্যয় বৃদ্ধি, ওষুধের মান নিয়ে প্রশ্ন এবং দক্ষ জনবলের অভাব পরিস্থিতিকে আরও জটিল করে তুলেছে। সংশ্লিষ্ট কর্তৃপক্ষের তদারকি জোরদার না হলে সাধারণ মানুষের ভোগান্তি কমবে না। এ বিষয়ে দ্রুত কার্যকর পদক্ষেপ গ্রহণ করা জরুরি। নাগরিকদের সচেতনতাও এক্ষেত্রে গুরুত্বপূর্ণ ভূমিকা রাখতে পারে। সময়মতো ব্যবস্থা না নিলে ভবিষ্যতে এ সংকট আরও প্রকট আকার ধারণ করতে পারে। বাংলাদেশের স্বাস্থ্য খাতে দীর্ঘদিন ধরে নানা অনিয়ম ও অব্যবস্থাপনার অভিযোগ উঠে আসছে। সরকারি ও বেসরকারি হাসপাতালগুলোতে রোগীরা প্রায়ই প্রয়োজনীয় সেবা থেকে বঞ্চিত হচ্ছেন। চিকিৎসা ব্যয় বৃদ্ধি, ওষুধের মান নিয়ে প্রশ্ন এবং দক্ষ জনবলের অভাব পরিস্থিতিকে আরও জটিল করে তুলেছে। সংশ্লিষ্ট কর্তৃপক্ষের তদারকি জোরদার না হলে সাধারণ মানুষের ভোগান্তি কমবে না। এ বিষয়ে দ্রুত কার্যকর পদক্ষেপ গ্রহণ করা জরুরি। নাগরিকদের সচেতনতাও এক্ষেত্রে গুরুত্বপূর্ণ ভূমিকা রাখতে পারে। সময়মতো ব্যবস্থা না নিলে ভবিষ্যতে এ সংকট আরও প্রকট আকার ধারণ করতে পারে। বাংলাদেশের স্বাস্থ্য খাতে দীর্ঘদিন ধরে নানা অনিয়ম ও অব্যবস্থাপনার অভিযোগ উঠে আসছে। সরকারি ও বেসরকারি হাসপাতালগুলোতে রোগীরা প্রায়ই প্রয়োজনীয় সেবা থেকে বঞ্চিত হচ্ছেন। চিকিৎসা ব্যয় বৃদ্ধি, ওষুধের মান নিয়ে প্রশ্ন এবং দক্ষ জনবলের অভাব পরিস্থিতিকে আরও জটিল করে তুলেছে। সংশ্লিষ্ট কর্তৃপক্ষের তদারকি জোরদার না হলে সাধারণ মানুষের ভোগান্তি কমবে না। এ বিষয়ে দ্রুত কার্যকর পদক্ষেপ গ্রহণ করা জরুরি। নাগরিকদের সচেতনতাও এক্ষেত্রে গুরুত্বপূর্ণ ভূমিকা রাখতে পারে। সময়মতো ব্যবস্থা না নিলে ভবিষ্যতে এ সংকট আরও
বাংলাদেশের স্বাস্থ্য খাতে দীর্ঘদিন ধরে নানা অনিয়ম ও অব্যবস্থাপনার অভিযোগ উঠে আসছে। সরকারি ও বেসরকারি হাসপাতালগুলোতে রোগীরা প্রায়ই প্রয়োজনীয় সেবা থেকে বঞ্চিত হচ্ছেন। চিকিৎসা ব্যয় বৃদ্ধি, ওষুধের মান নিয়ে প্রশ্ন এবং দক্ষ জনবলের অভাব পরিস্থিতিকে আরও জটিল করে তুলেছে। সংশ্লিষ্ট কর্তৃপক্ষের তদারকি জোরদার না হলে সাধারণ মানুষের ভোগান্তি কমবে না। এ বিষয়ে দ্রুত কার্যকর পদক্ষেপ গ্রহণ করা জরুরি। নাগরিকদের সচেতনতাও এক্ষেত্রে গুরুত্বপূর্ণ ভূমিকা রাখতে পারে। সময়মতো ব্যবস্থা না নিলে ভবিষ্যতে এ সংকট আরও প্রকট আকার ধারণ করতে পারে। বাংলাদেশের স্বাস্থ্য খাতে দীর্ঘদিন ধরে নানা অনিয়ম ও অব্যবস্থাপনার অভিযোগ উঠে আসছে। সরকারি ও বেসরকারি হাসপাতালগুলোতে রোগীরা প্রায়ই প্রয়োজনীয় সেবা থেকে বঞ্চিত হচ্ছেন। চিকিৎসা ব্যয় বৃদ্ধি, ওষুধের মান নিয়ে প্রশ্ন এবং দক্ষ জনবলের অভাব পরিস্থিতিকে আরও জটিল করে তুলেছে। সংশ্লিষ্ট কর্তৃপক্ষের তদারকি জোরদার না হলে সাধারণ মানুষের ভোগান্তি কমবে না। এ বিষয়ে দ্রুত কার্যকর পদক্ষেপ গ্রহণ করা জরুরি। নাগরিকদের সচেতনতাও এক্ষেত্রে গুরুত্বপূর্ণ ভূমিকা রাখতে পারে। সময়মতো ব্যবস্থা না নিলে ভবিষ্যতে এ সংকট আরও প্রকট আকার ধারণ করতে পারে। বাংলাদেশের স্বাস্থ্য খাতে দীর্ঘদিন ধরে নানা অনিয়ম ও অব্যবস্থাপনার অভিযোগ উঠে আসছে। সরকারি ও বেসরকারি হাসপাতালগুলোতে রোগীরা প্রায়ই প্রয়োজনীয় সেবা থেকে বঞ্চিত হচ্ছেন। চিকিৎসা ব্যয় বৃদ্ধি, ওষুধের মান নিয়ে প্রশ্ন এবং দক্ষ জনবলের অভাব পরিস্থিতিকে আরও জটিল করে তুলেছে। সংশ্লিষ্ট কর্তৃপক্ষের তদারকি জোরদার না হলে সাধারণ মানুষের ভোগান্তি কমবে না। এ বিষয়ে দ্রুত কার্যকর পদক্ষেপ গ্রহণ করা জরুরি। নাগরিকদের সচেতনতাও এক্ষেত্রে গুরুত্বপূর্ণ ভূমিকা রাখতে পারে। সময়মতো ব্যবস্থা না নিলে ভবিষ্যতে এ সংকট আরও প্রকট আকার ধারণ করতে পারে। বাংলাদেশের স্বাস্থ্য খাতে দীর্ঘদিন ধরে নানা অনিয়ম ও অব্যবস্থাপনার অভিযোগ উঠে আসছে। সরকারি ও বেসরকারি হাসপাতালগুলোতে রোগীরা প্রায়ই প্রয়োজনীয় সেবা থেকে বঞ্চিত হচ্ছেন। চিকিৎসা ব্যয় বৃদ্ধি, ওষুধের মান নিয়ে প্রশ্ন এবং দক্ষ জনবলের অভাব পরিস্থিতিকে আরও জটিল করে তুলেছে। সংশ্লিষ্ট কর্তৃপক্ষের তদারকি জোরদার না হলে সাধারণ মানুষের ভোগান্তি কমবে না। এ বিষয়ে দ্রুত কার্যকর পদক্ষেপ গ্রহণ করা জরুরি। নাগরিকদের সচেতনতাও এক্ষেত্রে গুরুত্বপূর্ণ ভূমিকা রাখতে পারে। সময়মতো ব্যবস্থা না নিলে ভবিষ্যতে এ সংকট আরও প্রকট আকার ধারণ করতে পারে। বাংলাদেশের স্বাস্থ্য খাতে দীর্ঘদিন ধরে নানা অনিয়ম ও অব্যবস্থাপনার অভিযোগ উঠে আসছে। সরকারি ও বেসরকারি হাসপাতালগুলোতে রোগীরা প্রায়ই প্রয়োজনীয় সেবা থেকে বঞ্চিত হচ্ছেন। চিকিৎসা ব্যয় বৃদ্ধি, ওষুধের মান নিয়ে প্রশ্ন এবং দক্ষ জনবলের অভাব পরিস্থিতিকে আরও জটিল করে তুলেছে। সংশ্লিষ্ট কর্তৃপক্ষের তদারকি জোরদার না হলে সাধারণ মানুষের ভোগান্তি কমবে না। এ বিষয়ে দ্রুত কার্যকর পদক্ষেপ গ্রহণ করা জরুরি। নাগরিকদের সচেতনতাও এক্ষেত্রে গুরুত্বপূর্ণ ভূমিকা রাখতে পারে। সময়মতো ব্যবস্থা না নিলে ভবিষ্যতে এ সংকট আরও প্রকট আকার ধারণ করতে পারে। বাংলাদেশের স্বাস্থ্য খাতে দীর্ঘদিন ধরে নানা অনিয়ম ও অব্যবস্থাপনার অভিযোগ উঠে আসছে। সরকারি ও বেসরকারি হাসপাতালগুলোতে রোগীরা প্রায়ই প্রয়োজনীয় সেবা থেকে বঞ্চিত হচ্ছেন। চিকিৎসা ব্যয় বৃদ্ধি, ওষুধের মান নিয়ে প্রশ্ন এবং দক্ষ জনবলের অভাব পরিস্থিতিকে আরও জটিল করে তুলেছে। সংশ্লিষ্ট কর্তৃপক্ষের তদারকি জোরদার না হলে সাধারণ মানুষের ভোগান্তি কমবে না। এ বিষয়ে দ্রুত
বাংলাদেশের স্বাস্থ্য খাতে দীর্ঘদিন ধরে নানা অনিয়ম ও অব্যবস্থাপনার অভিযোগ উঠে আসছে। সরকারি ও বেসরকারি হাসপাতালগুলোতে রোগীরা প্রায়ই প্রয়োজনীয় সেবা থেকে বঞ্চিত হচ্ছেন। চিকিৎসা ব্যয় বৃদ্ধি, ওষুধের মান নিয়ে প্রশ্ন এবং দক্ষ জনবলের অভাব পরিস্থিতিকে আরও জটিল করে তুলেছে। সংশ্লিষ্ট কর্তৃপক্ষের তদারকি জোরদার না হলে সাধারণ মানুষের ভোগান্তি কমবে না। এ বিষয়ে দ্রুত কার্যকর পদক্ষেপ গ্রহণ করা জরুরি। নাগরিকদের সচেতনতাও এক্ষেত্রে গুরুত্বপূর্ণ ভূমিকা রাখতে পারে। সময়মতো ব্যবস্থা না নিলে ভবিষ্যতে এ সংকট আরও প্রকট আকার ধারণ করতে পারে। বাংলাদেশের স্বাস্থ্য খাতে দীর্ঘদিন ধরে নানা অনিয়ম ও অব্যবস্থাপনার অভিযোগ উঠে আসছে। সরকারি ও বেসরকারি হাসপাতালগুলোতে রোগীরা প্রায়ই প্রয়োজনীয় সেবা থেকে বঞ্চিত হচ্ছেন। চিকিৎসা ব্যয় বৃদ্ধি, ওষুধের মান নিয়ে প্রশ্ন এবং দক্ষ জনবলের অভাব পরিস্থিতিকে আরও জটিল করে তুলেছে। সংশ্লিষ্ট কর্তৃপক্ষের তদারকি জোরদার না হলে সাধারণ মানুষের ভোগান্তি কমবে না। এ বিষয়ে দ্রুত কার্যকর পদক্ষেপ গ্রহণ করা জরুরি। নাগরিকদের সচেতনতাও এক্ষেত্রে গুরুত্বপূর্ণ ভূমিকা রাখতে পারে। সময়মতো ব্যবস্থা না নিলে ভবিষ্যতে এ সংকট আরও প্রকট আকার ধারণ করতে পারে। বাংলাদেশের স্বাস্থ্য খাতে দীর্ঘদিন ধরে নানা অনিয়ম ও অব্যবস্থাপনার অভিযোগ উঠে আসছে। সরকারি ও বেসরকারি হাসপাতালগুলোতে রোগীরা প্রায়ই প্রয়োজনীয় সেবা থেকে বঞ্চিত হচ্ছেন। চিকিৎসা ব্যয় বৃদ্ধি, ওষুধের মান নিয়ে প্রশ্ন এবং দক্ষ জনবলের অভাব পরিস্থিতিকে আরও জটিল করে তুলেছে। সংশ্লিষ্ট কর্তৃপক্ষের তদারকি জোরদার না হলে সাধারণ মানুষের ভোগান্তি কমবে না। এ বিষয়ে দ্রুত কার্যকর পদক্ষেপ গ্রহণ করা জরুরি। নাগরিকদের সচেতনতাও এক্ষেত্রে গুরুত্বপূর্ণ ভূমিকা রাখতে পারে। সময়মতো ব্যবস্থা না নিলে ভবিষ্যতে এ সংকট আরও প্রকট আকার ধারণ করতে পারে। বাংলাদেশের স্বাস্থ্য খাতে দীর্ঘদিন ধরে নানা অনিয়ম ও অব্যবস্থাপনার অভিযোগ উঠে আসছে। সরকারি ও বেসরকারি হাসপাতালগুলোতে রোগীরা প্রায়ই প্রয়োজনীয় সেবা থেকে বঞ্চিত হচ্ছেন। চিকিৎসা ব্যয় বৃদ্ধি, ওষুধের মান নিয়ে প্রশ্ন এবং দক্ষ জনবলের অভাব পরিস্থিতিকে আরও জটিল করে তুলেছে। সংশ্লিষ্ট কর্তৃপক্ষের তদারকি জোরদার না হলে সাধারণ মানুষের ভোগান্তি কমবে না। এ বিষয়ে দ্রুত কার্যকর পদক্ষেপ গ্রহণ করা জরুরি। নাগরিকদের সচেতনতাও এক্ষেত্রে গুরুত্বপূর্ণ ভূমিকা রাখতে পারে। সময়মতো ব্যবস্থা না নিলে ভবিষ্যতে এ সংকট আরও প্রকট আকার ধারণ করতে পারে। বাংলাদেশের স্বাস্থ্য খাতে দীর্ঘদিন ধরে নানা অনিয়ম ও অব্যবস্থাপনার অভিযোগ উঠে আসছে। সরকারি ও বেসরকারি হাসপাতালগুলোতে রোগীরা প্রায়ই প্রয়োজনীয় সেবা থেকে বঞ্চিত হচ্ছেন। চিকিৎসা ব্যয় বৃদ্ধি, ওষুধের মান নিয়ে প্রশ্ন এবং দক্ষ জনবলের অভাব পরিস্থিতিকে আরও জটিল করে তুলেছে। সংশ্লিষ্ট কর্তৃপক্ষের তদারকি জোরদার না হলে সাধারণ মানুষের ভোগান্তি কমবে না। এ বিষয়ে দ্রুত কার্যকর পদক্ষেপ গ্রহণ করা জরুরি। নাগরিকদের সচেতনতাও এক্ষেত্রে গুরুত্বপূর্ণ ভূমিকা রাখতে পারে। সময়মতো ব্যবস্থা না নিলে ভবিষ্যতে এ সংকট আরও প্রকট আকার ধারণ করতে পারে। বাংলাদেশের স্বাস্থ্য খাতে দীর্ঘদিন ধরে নানা অনিয়ম ও অব্যবস্থাপনার অভিযোগ উঠে আসছে। সরকারি ও বেসরকারি হাসপাতালগুলোতে রোগীরা প্রায়ই প্রয়োজনীয় সেবা থেকে বঞ্চিত হচ্ছেন। চিকিৎসা ব্যয় বৃদ্ধি, ওষুধের মান নিয়ে প্রশ্ন এবং দক্ষ জনবলের অভাব পরিস্থিতিকে আরও জটিল করে তুলেছে। সংশ্লিষ্ট কর্তৃপক্ষের তদারকি জোরদার না হলে সাধারণ মানুষের ভোগান্তি কমবে না। এ বিষয়ে দ্রুত কার্যকর পদক্ষেপ গ্রহণ করা জরুরি। নাগরিকদের সচেতনতাও এক্ষেত্রে গুরুত্বপূর্ণ ভূমিকা রাখতে পারে। সময়মতো ব্যবস্থা না নিলে ভবিষ্যতে এ সংকট আরও প্রকট আকার ধারণ করতে পারে।
